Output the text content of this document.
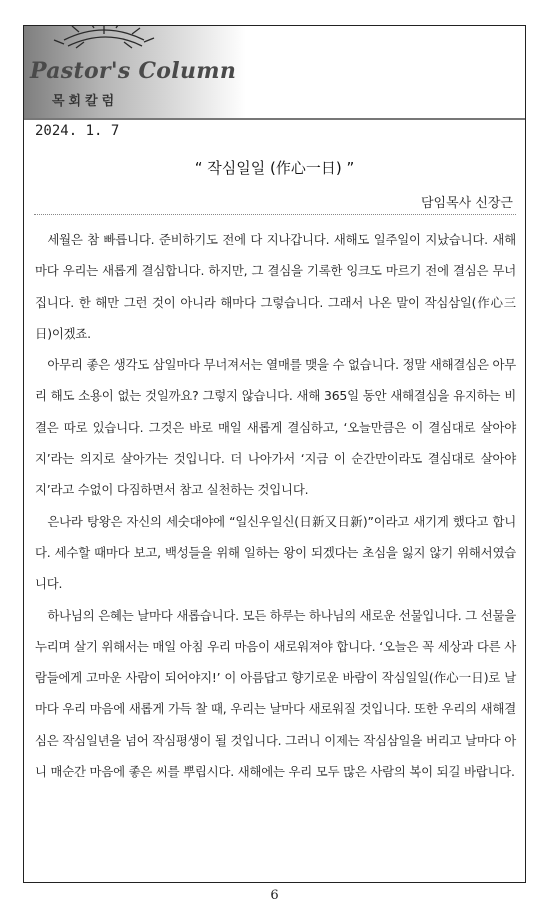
Pastor's Column
목회칼럼
2024. 1. 7
“ 작심일일 (作心一日) ”
담임목사 신장근

세월은 참 빠릅니다. 준비하기도 전에 다 지나갑니다. 새해도 일주일이 지났습니다. 새해마다 우리는 새롭게 결심합니다. 하지만, 그 결심을 기록한 잉크도 마르기 전에 결심은 무너집니다. 한 해만 그런 것이 아니라 해마다 그렇습니다. 그래서 나온 말이 작심삼일(作心三日)이겠죠.

아무리 좋은 생각도 삼일마다 무너져서는 열매를 맺을 수 없습니다. 정말 새해결심은 아무리 해도 소용이 없는 것일까요? 그렇지 않습니다. 새해 365일 동안 새해결심을 유지하는 비결은 따로 있습니다. 그것은 바로 매일 새롭게 결심하고, ‘오늘만큼은 이 결심대로 살아야지’라는 의지로 살아가는 것입니다. 더 나아가서 ‘지금 이 순간만이라도 결심대로 살아야지’라고 수없이 다짐하면서 참고 실천하는 것입니다.

은나라 탕왕은 자신의 세숫대야에 “일신우일신(日新又日新)”이라고 새기게 했다고 합니다. 세수할 때마다 보고, 백성들을 위해 일하는 왕이 되겠다는 초심을 잃지 않기 위해서였습니다.

하나님의 은혜는 날마다 새롭습니다. 모든 하루는 하나님의 새로운 선물입니다. 그 선물을 누리며 살기 위해서는 매일 아침 우리 마음이 새로워져야 합니다. ‘오늘은 꼭 세상과 다른 사람들에게 고마운 사람이 되어야지!’ 이 아름답고 향기로운 바람이 작심일일(作心一日)로 날마다 우리 마음에 새롭게 가득 찰 때, 우리는 날마다 새로워질 것입니다. 또한 우리의 새해결심은 작심일년을 넘어 작심평생이 될 것입니다. 그러니 이제는 작심삼일을 버리고 날마다 아니 매순간 마음에 좋은 씨를 뿌립시다. 새해에는 우리 모두 많은 사람의 복이 되길 바랍니다.

6
